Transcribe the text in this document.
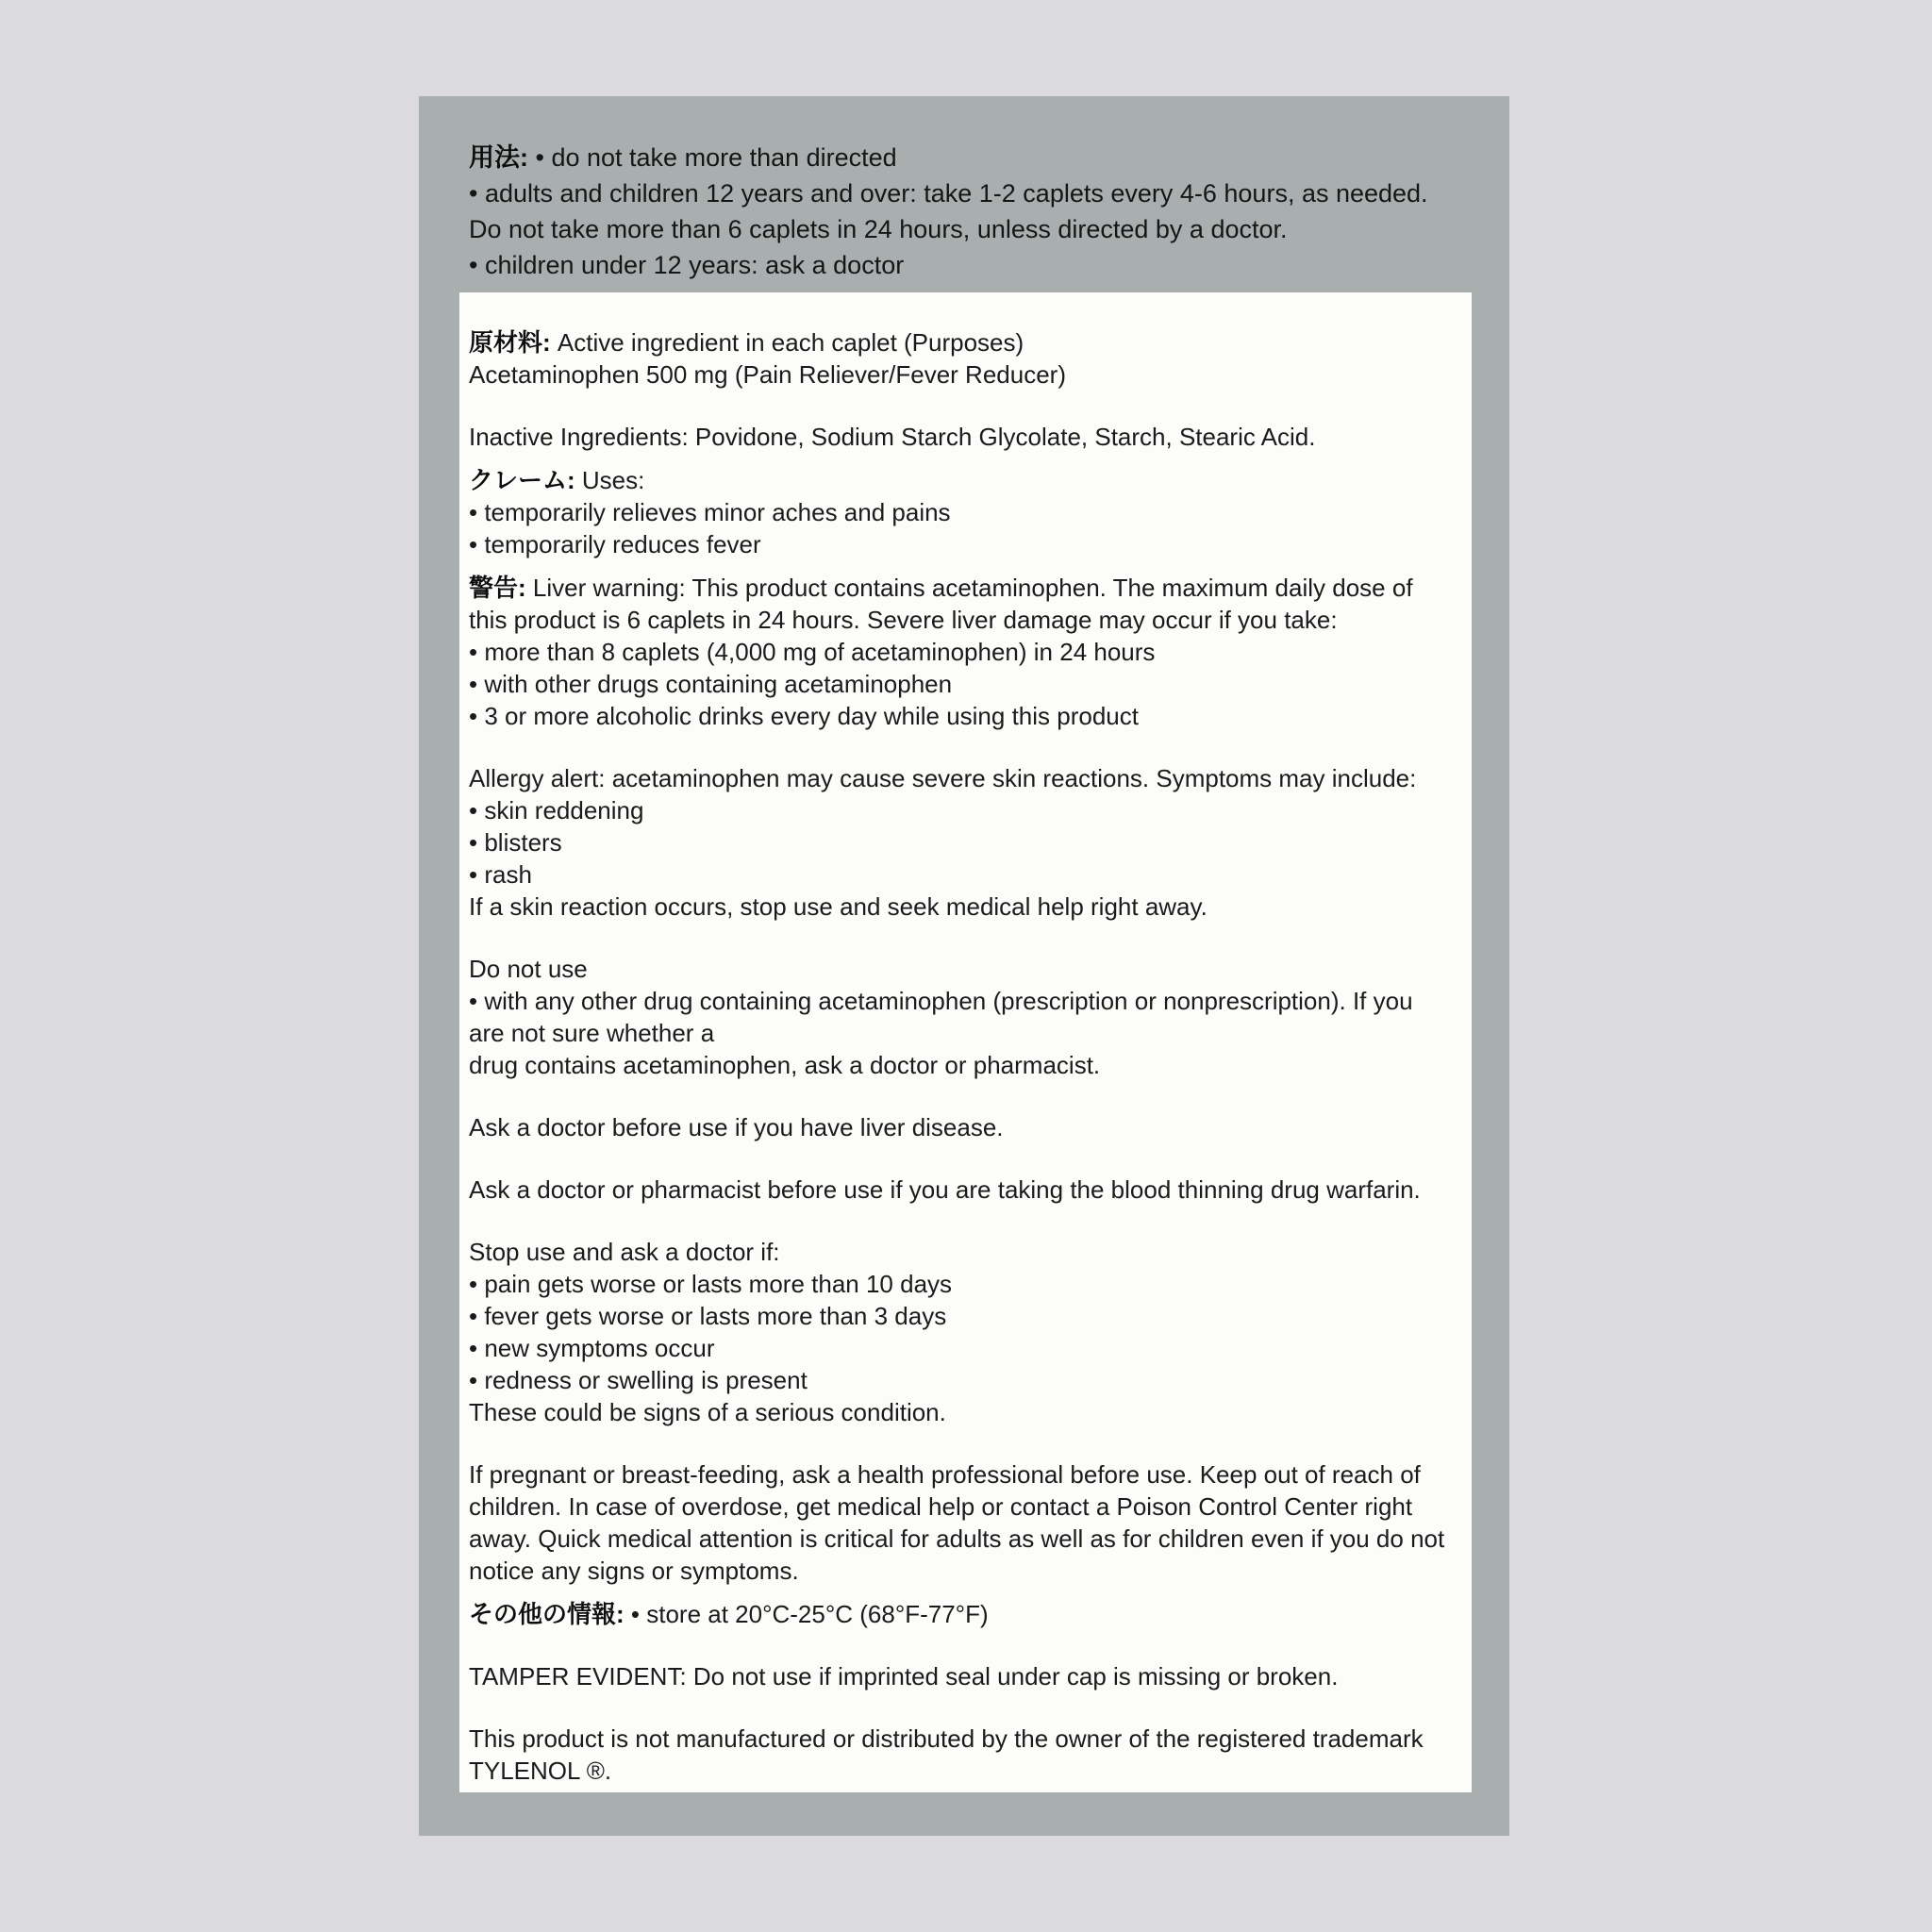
用法: • do not take more than directed
• adults and children 12 years and over: take 1-2 caplets every 4-6 hours, as needed.
Do not take more than 6 caplets in 24 hours, unless directed by a doctor.
• children under 12 years: ask a doctor
原材料: Active ingredient in each caplet (Purposes)
Acetaminophen 500 mg (Pain Reliever/Fever Reducer)
Inactive Ingredients: Povidone, Sodium Starch Glycolate, Starch, Stearic Acid.
クレーム: Uses:
• temporarily relieves minor aches and pains
• temporarily reduces fever
警告: Liver warning: This product contains acetaminophen. The maximum daily dose of this product is 6 caplets in 24 hours. Severe liver damage may occur if you take:
• more than 8 caplets (4,000 mg of acetaminophen) in 24 hours
• with other drugs containing acetaminophen
• 3 or more alcoholic drinks every day while using this product
Allergy alert: acetaminophen may cause severe skin reactions. Symptoms may include:
• skin reddening
• blisters
• rash
If a skin reaction occurs, stop use and seek medical help right away.
Do not use
• with any other drug containing acetaminophen (prescription or nonprescription). If you are not sure whether a
drug contains acetaminophen, ask a doctor or pharmacist.
Ask a doctor before use if you have liver disease.
Ask a doctor or pharmacist before use if you are taking the blood thinning drug warfarin.
Stop use and ask a doctor if:
• pain gets worse or lasts more than 10 days
• fever gets worse or lasts more than 3 days
• new symptoms occur
• redness or swelling is present
These could be signs of a serious condition.
If pregnant or breast-feeding, ask a health professional before use. Keep out of reach of children. In case of overdose, get medical help or contact a Poison Control Center right away. Quick medical attention is critical for adults as well as for children even if you do not notice any signs or symptoms.
その他の情報: • store at 20°C-25°C (68°F-77°F)
TAMPER EVIDENT: Do not use if imprinted seal under cap is missing or broken.
This product is not manufactured or distributed by the owner of the registered trademark TYLENOL ®.
